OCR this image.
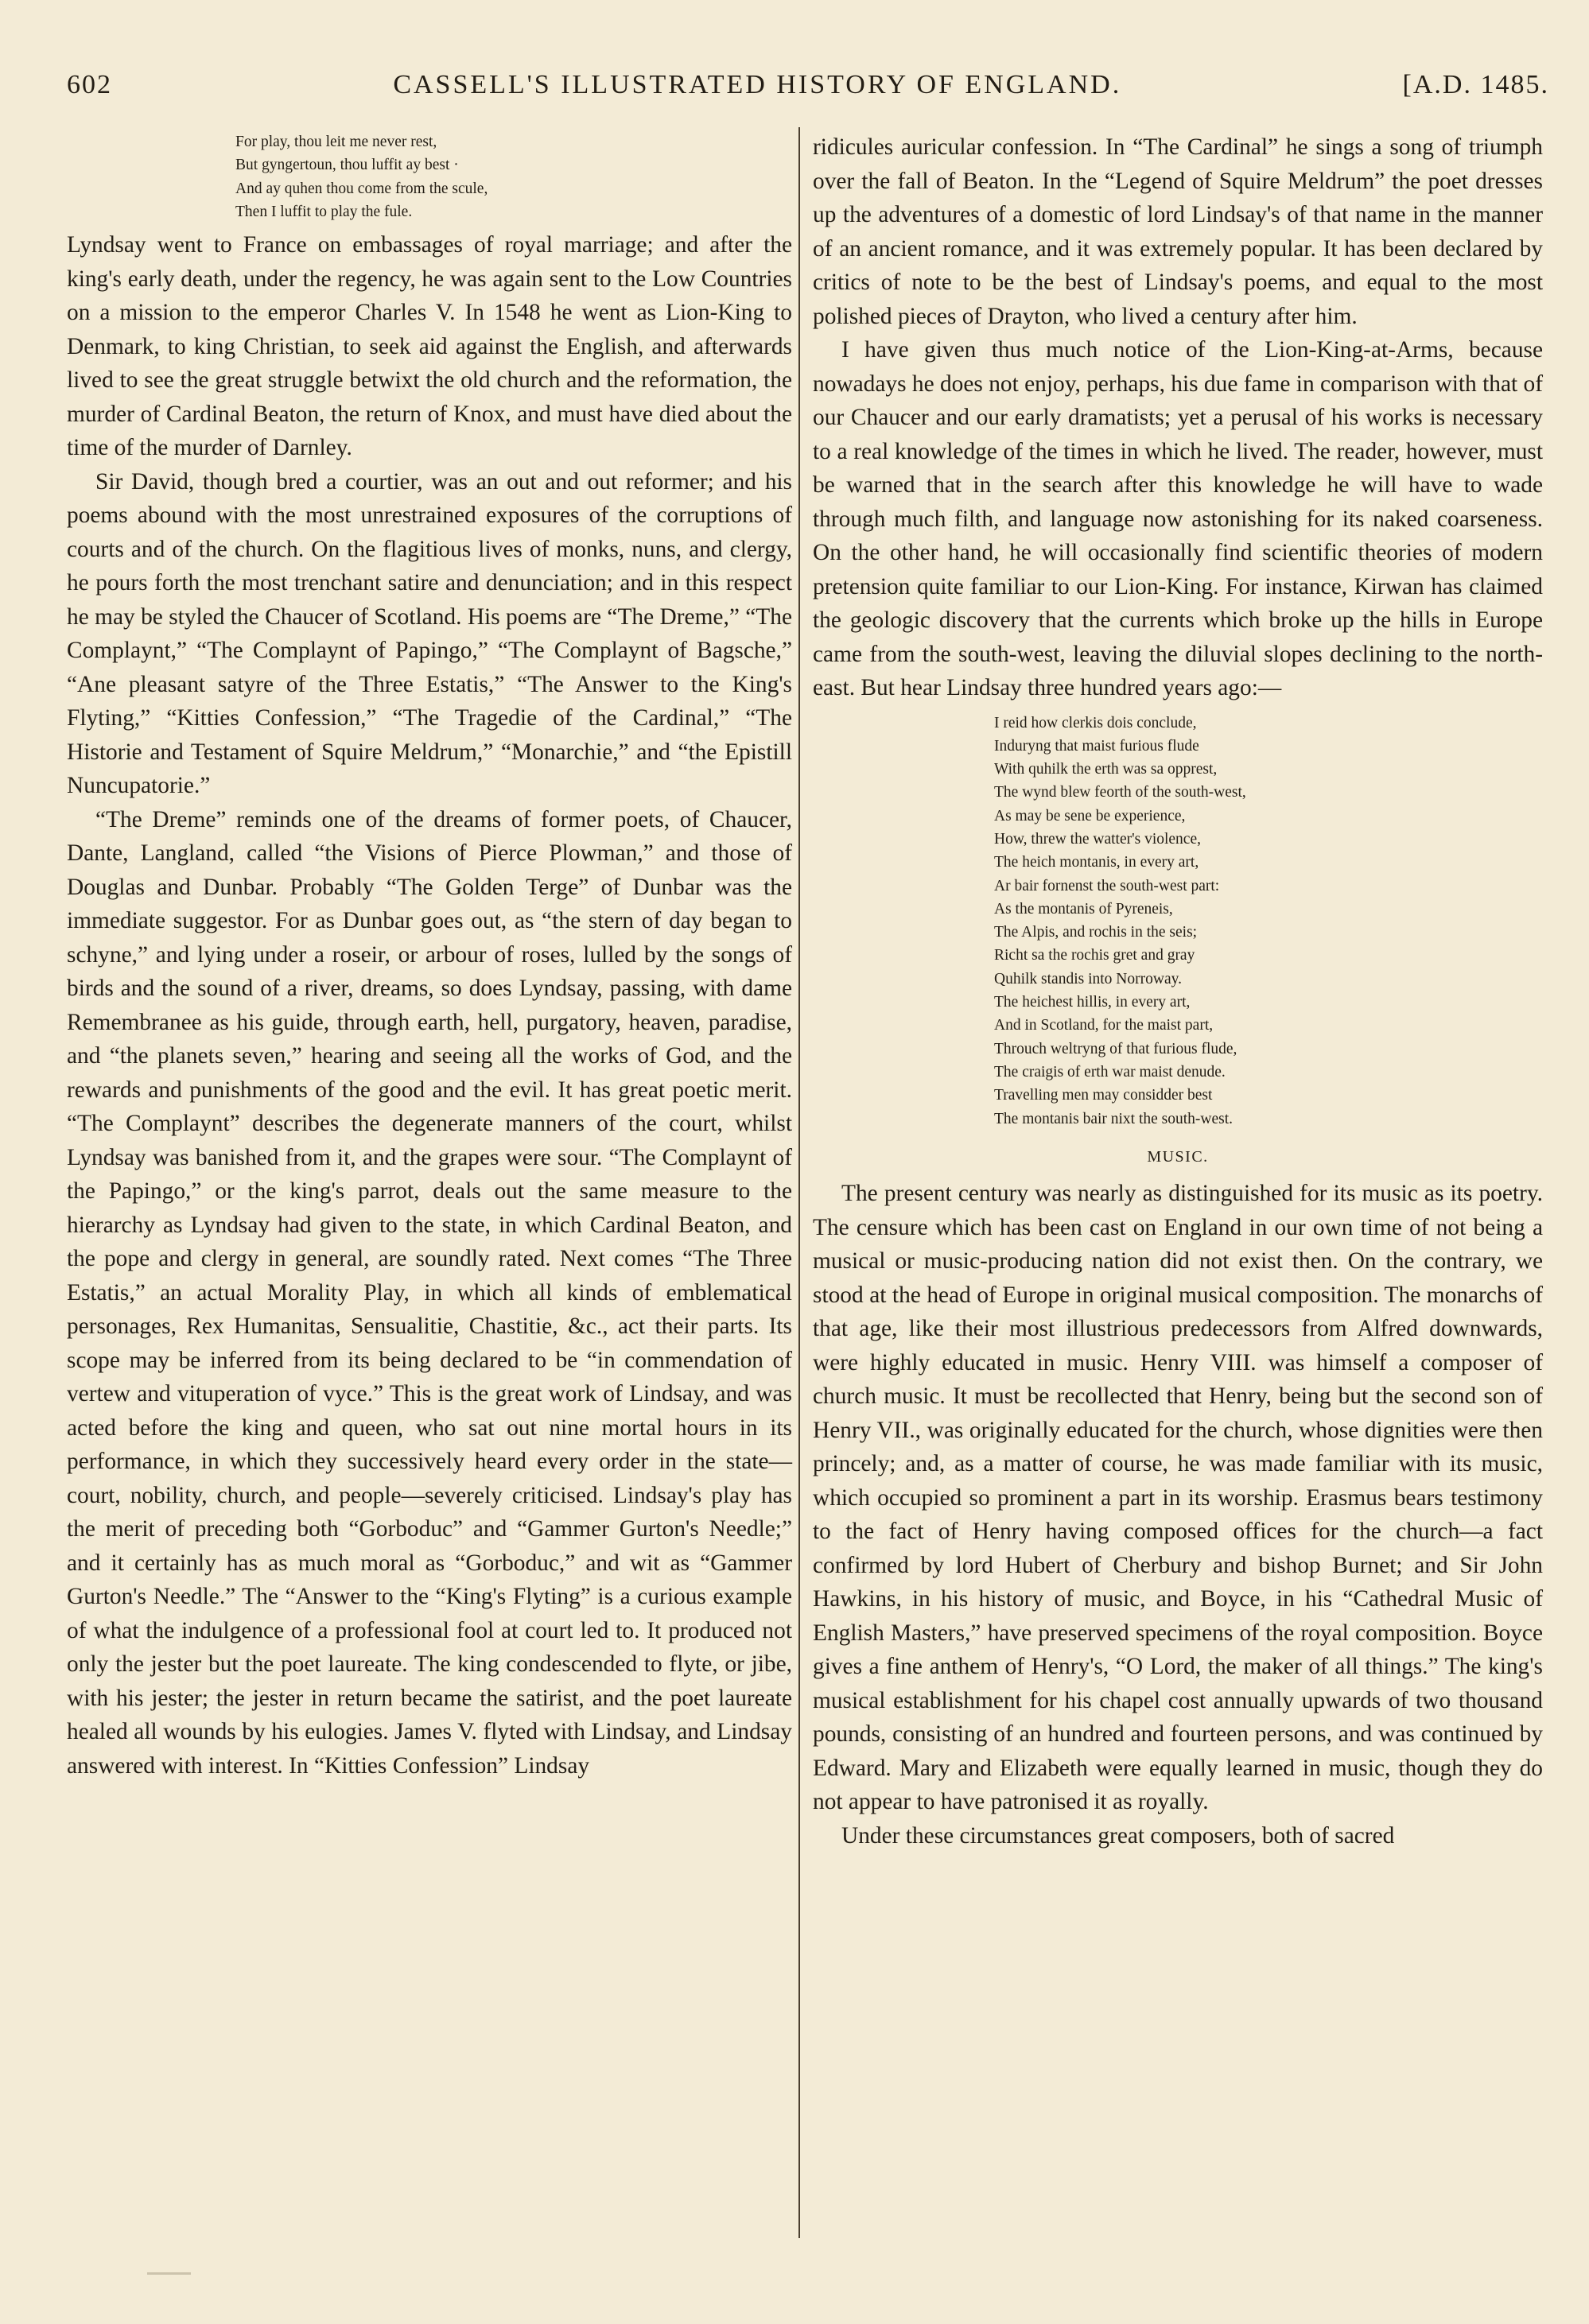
602	CASSELL'S ILLUSTRATED HISTORY OF ENGLAND.	[A.D. 1485.
For play, thou leit me never rest,
But gyngertoun, thou luffit ay best ·
And ay quhen thou come from the scule,
Then I luffit to play the fule.

Lyndsay went to France on embassages of royal marriage; and after the king's early death, under the regency, he was again sent to the Low Countries on a mission to the emperor Charles V. In 1548 he went as Lion-King to Denmark, to king Christian, to seek aid against the English, and afterwards lived to see the great struggle betwixt the old church and the reformation, the murder of Cardinal Beaton, the return of Knox, and must have died about the time of the murder of Darnley.

Sir David, though bred a courtier, was an out and out reformer; and his poems abound with the most unrestrained exposures of the corruptions of courts and of the church. On the flagitious lives of monks, nuns, and clergy, he pours forth the most trenchant satire and denunciation; and in this respect he may be styled the Chaucer of Scotland. His poems are “The Dreme,” “The Complaynt,” “The Complaynt of Papingo,” “The Complaynt of Bagsche,” “Ane pleasant satyre of the Three Estatis,” “The Answer to the King's Flyting,” “Kitties Confession,” “The Tragedie of the Cardinal,” “The Historie and Testament of Squire Meldrum,” “Monarchie,” and “the Epistill Nuncupatorie.”

“The Dreme” reminds one of the dreams of former poets, of Chaucer, Dante, Langland, called “the Visions of Pierce Plowman,” and those of Douglas and Dunbar. Probably “The Golden Terge” of Dunbar was the immediate suggestor. For as Dunbar goes out, as “the stern of day began to schyne,” and lying under a roseir, or arbour of roses, lulled by the songs of birds and the sound of a river, dreams, so does Lyndsay, passing, with dame Remembranee as his guide, through earth, hell, purgatory, heaven, paradise, and “the planets seven,” hearing and seeing all the works of God, and the rewards and punishments of the good and the evil. It has great poetic merit. “The Complaynt” describes the degenerate manners of the court, whilst Lyndsay was banished from it, and the grapes were sour. “The Complaynt of the Papingo,” or the king's parrot, deals out the same measure to the hierarchy as Lyndsay had given to the state, in which Cardinal Beaton, and the pope and clergy in general, are soundly rated. Next comes “The Three Estatis,” an actual Morality Play, in which all kinds of emblematical personages, Rex Humanitas, Sensualitie, Chastitie, &c., act their parts. Its scope may be inferred from its being declared to be “in commendation of vertew and vituperation of vyce.” This is the great work of Lindsay, and was acted before the king and queen, who sat out nine mortal hours in its performance, in which they successively heard every order in the state—court, nobility, church, and people—severely criticised. Lindsay's play has the merit of preceding both “Gorboduc” and “Gammer Gurton's Needle;” and it certainly has as much moral as “Gorboduc,” and wit as “Gammer Gurton's Needle.” The “Answer to the “King's Flyting” is a curious example of what the indulgence of a professional fool at court led to. It produced not only the jester but the poet laureate. The king condescended to flyte, or jibe, with his jester; the jester in return became the satirist, and the poet laureate healed all wounds by his eulogies. James V. flyted with Lindsay, and Lindsay answered with interest. In “Kitties Confession” Lindsay

ridicules auricular confession. In “The Cardinal” he sings a song of triumph over the fall of Beaton. In the “Legend of Squire Meldrum” the poet dresses up the adventures of a domestic of lord Lindsay's of that name in the manner of an ancient romance, and it was extremely popular. It has been declared by critics of note to be the best of Lindsay's poems, and equal to the most polished pieces of Drayton, who lived a century after him.

I have given thus much notice of the Lion-King-at-Arms, because nowadays he does not enjoy, perhaps, his due fame in comparison with that of our Chaucer and our early dramatists; yet a perusal of his works is necessary to a real knowledge of the times in which he lived. The reader, however, must be warned that in the search after this knowledge he will have to wade through much filth, and language now astonishing for its naked coarseness. On the other hand, he will occasionally find scientific theories of modern pretension quite familiar to our Lion-King. For instance, Kirwan has claimed the geologic discovery that the currents which broke up the hills in Europe came from the south-west, leaving the diluvial slopes declining to the north-east. But hear Lindsay three hundred years ago:—

I reid how clerkis dois conclude,
Induryng that maist furious flude
With quhilk the erth was sa opprest,
The wynd blew feorth of the south-west,
As may be sene be experience,
How, threw the watter's violence,
The heich montanis, in every art,
Ar bair fornenst the south-west part:
As the montanis of Pyreneis,
The Alpis, and rochis in the seis;
Richt sa the rochis gret and gray
Quhilk standis into Norroway.
The heichest hillis, in every art,
And in Scotland, for the maist part,
Throuch weltryng of that furious flude,
The craigis of erth war maist denude.
Travelling men may considder best
The montanis bair nixt the south-west.
MUSIC.

The present century was nearly as distinguished for its music as its poetry. The censure which has been cast on England in our own time of not being a musical or music-producing nation did not exist then. On the contrary, we stood at the head of Europe in original musical composition. The monarchs of that age, like their most illustrious predecessors from Alfred downwards, were highly educated in music. Henry VIII. was himself a composer of church music. It must be recollected that Henry, being but the second son of Henry VII., was originally educated for the church, whose dignities were then princely; and, as a matter of course, he was made familiar with its music, which occupied so prominent a part in its worship. Erasmus bears testimony to the fact of Henry having composed offices for the church—a fact confirmed by lord Hubert of Cherbury and bishop Burnet; and Sir John Hawkins, in his history of music, and Boyce, in his “Cathedral Music of English Masters,” have preserved specimens of the royal composition. Boyce gives a fine anthem of Henry's, “O Lord, the maker of all things.” The king's musical establishment for his chapel cost annually upwards of two thousand pounds, consisting of an hundred and fourteen persons, and was continued by Edward. Mary and Elizabeth were equally learned in music, though they do not appear to have patronised it as royally.

Under these circumstances great composers, both of sacred
